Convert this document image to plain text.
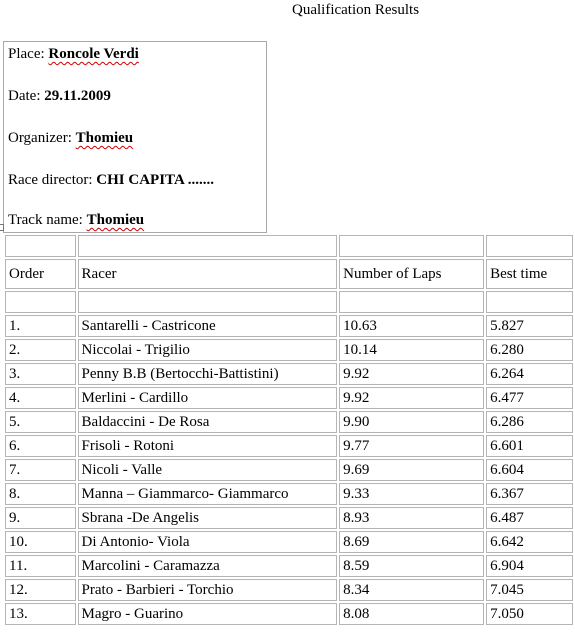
Qualification Results
Place: Roncole Verdi
Date: 29.11.2009
Organizer: Thomieu
Race director: CHI CAPITA .......
Track name: Thomieu

Order	Racer	Number of Laps	Best time

1.	Santarelli - Castricone	10.63	5.827
2.	Niccolai - Trigilio	10.14	6.280
3.	Penny B.B (Bertocchi-Battistini)	9.92	6.264
4.	Merlini - Cardillo	9.92	6.477
5.	Baldaccini - De Rosa	9.90	6.286
6.	Frisoli - Rotoni	9.77	6.601
7.	Nicoli - Valle	9.69	6.604
8.	Manna – Giammarco- Giammarco	9.33	6.367
9.	Sbrana -De Angelis	8.93	6.487
10.	Di Antonio- Viola	8.69	6.642
11.	Marcolini - Caramazza	8.59	6.904
12.	Prato - Barbieri - Torchio	8.34	7.045
13.	Magro - Guarino	8.08	7.050
